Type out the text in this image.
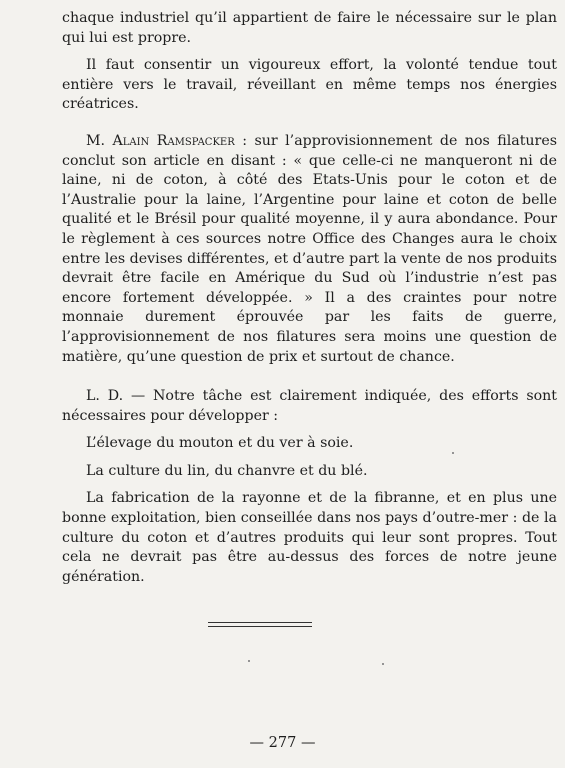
chaque industriel qu’il appartient de faire le nécessaire sur le plan qui lui est propre.

Il faut consentir un vigoureux effort, la volonté tendue tout entière vers le travail, réveillant en même temps nos énergies créatrices.

M. Alain Ramspacker : sur l’approvisionnement de nos filatures conclut son article en disant : « que celle-ci ne manqueront ni de laine, ni de coton, à côté des Etats-Unis pour le coton et de l’Australie pour la laine, l’Argentine pour laine et coton de belle qualité et le Brésil pour qualité moyenne, il y aura abondance. Pour le règlement à ces sources notre Office des Changes aura le choix entre les devises différentes, et d’autre part la vente de nos produits devrait être facile en Amérique du Sud où l’industrie n’est pas encore fortement développée. » Il a des craintes pour notre monnaie durement éprouvée par les faits de guerre, l’approvisionnement de nos filatures sera moins une question de matière, qu’une question de prix et surtout de chance.

L. D. — Notre tâche est clairement indiquée, des efforts sont nécessaires pour développer :

L’élevage du mouton et du ver à soie.

La culture du lin, du chanvre et du blé.

La fabrication de la rayonne et de la fibranne, et en plus une bonne exploitation, bien conseillée dans nos pays d’outre-mer : de la culture du coton et d’autres produits qui leur sont propres. Tout cela ne devrait pas être au-dessus des forces de notre jeune génération.

— 277 —
